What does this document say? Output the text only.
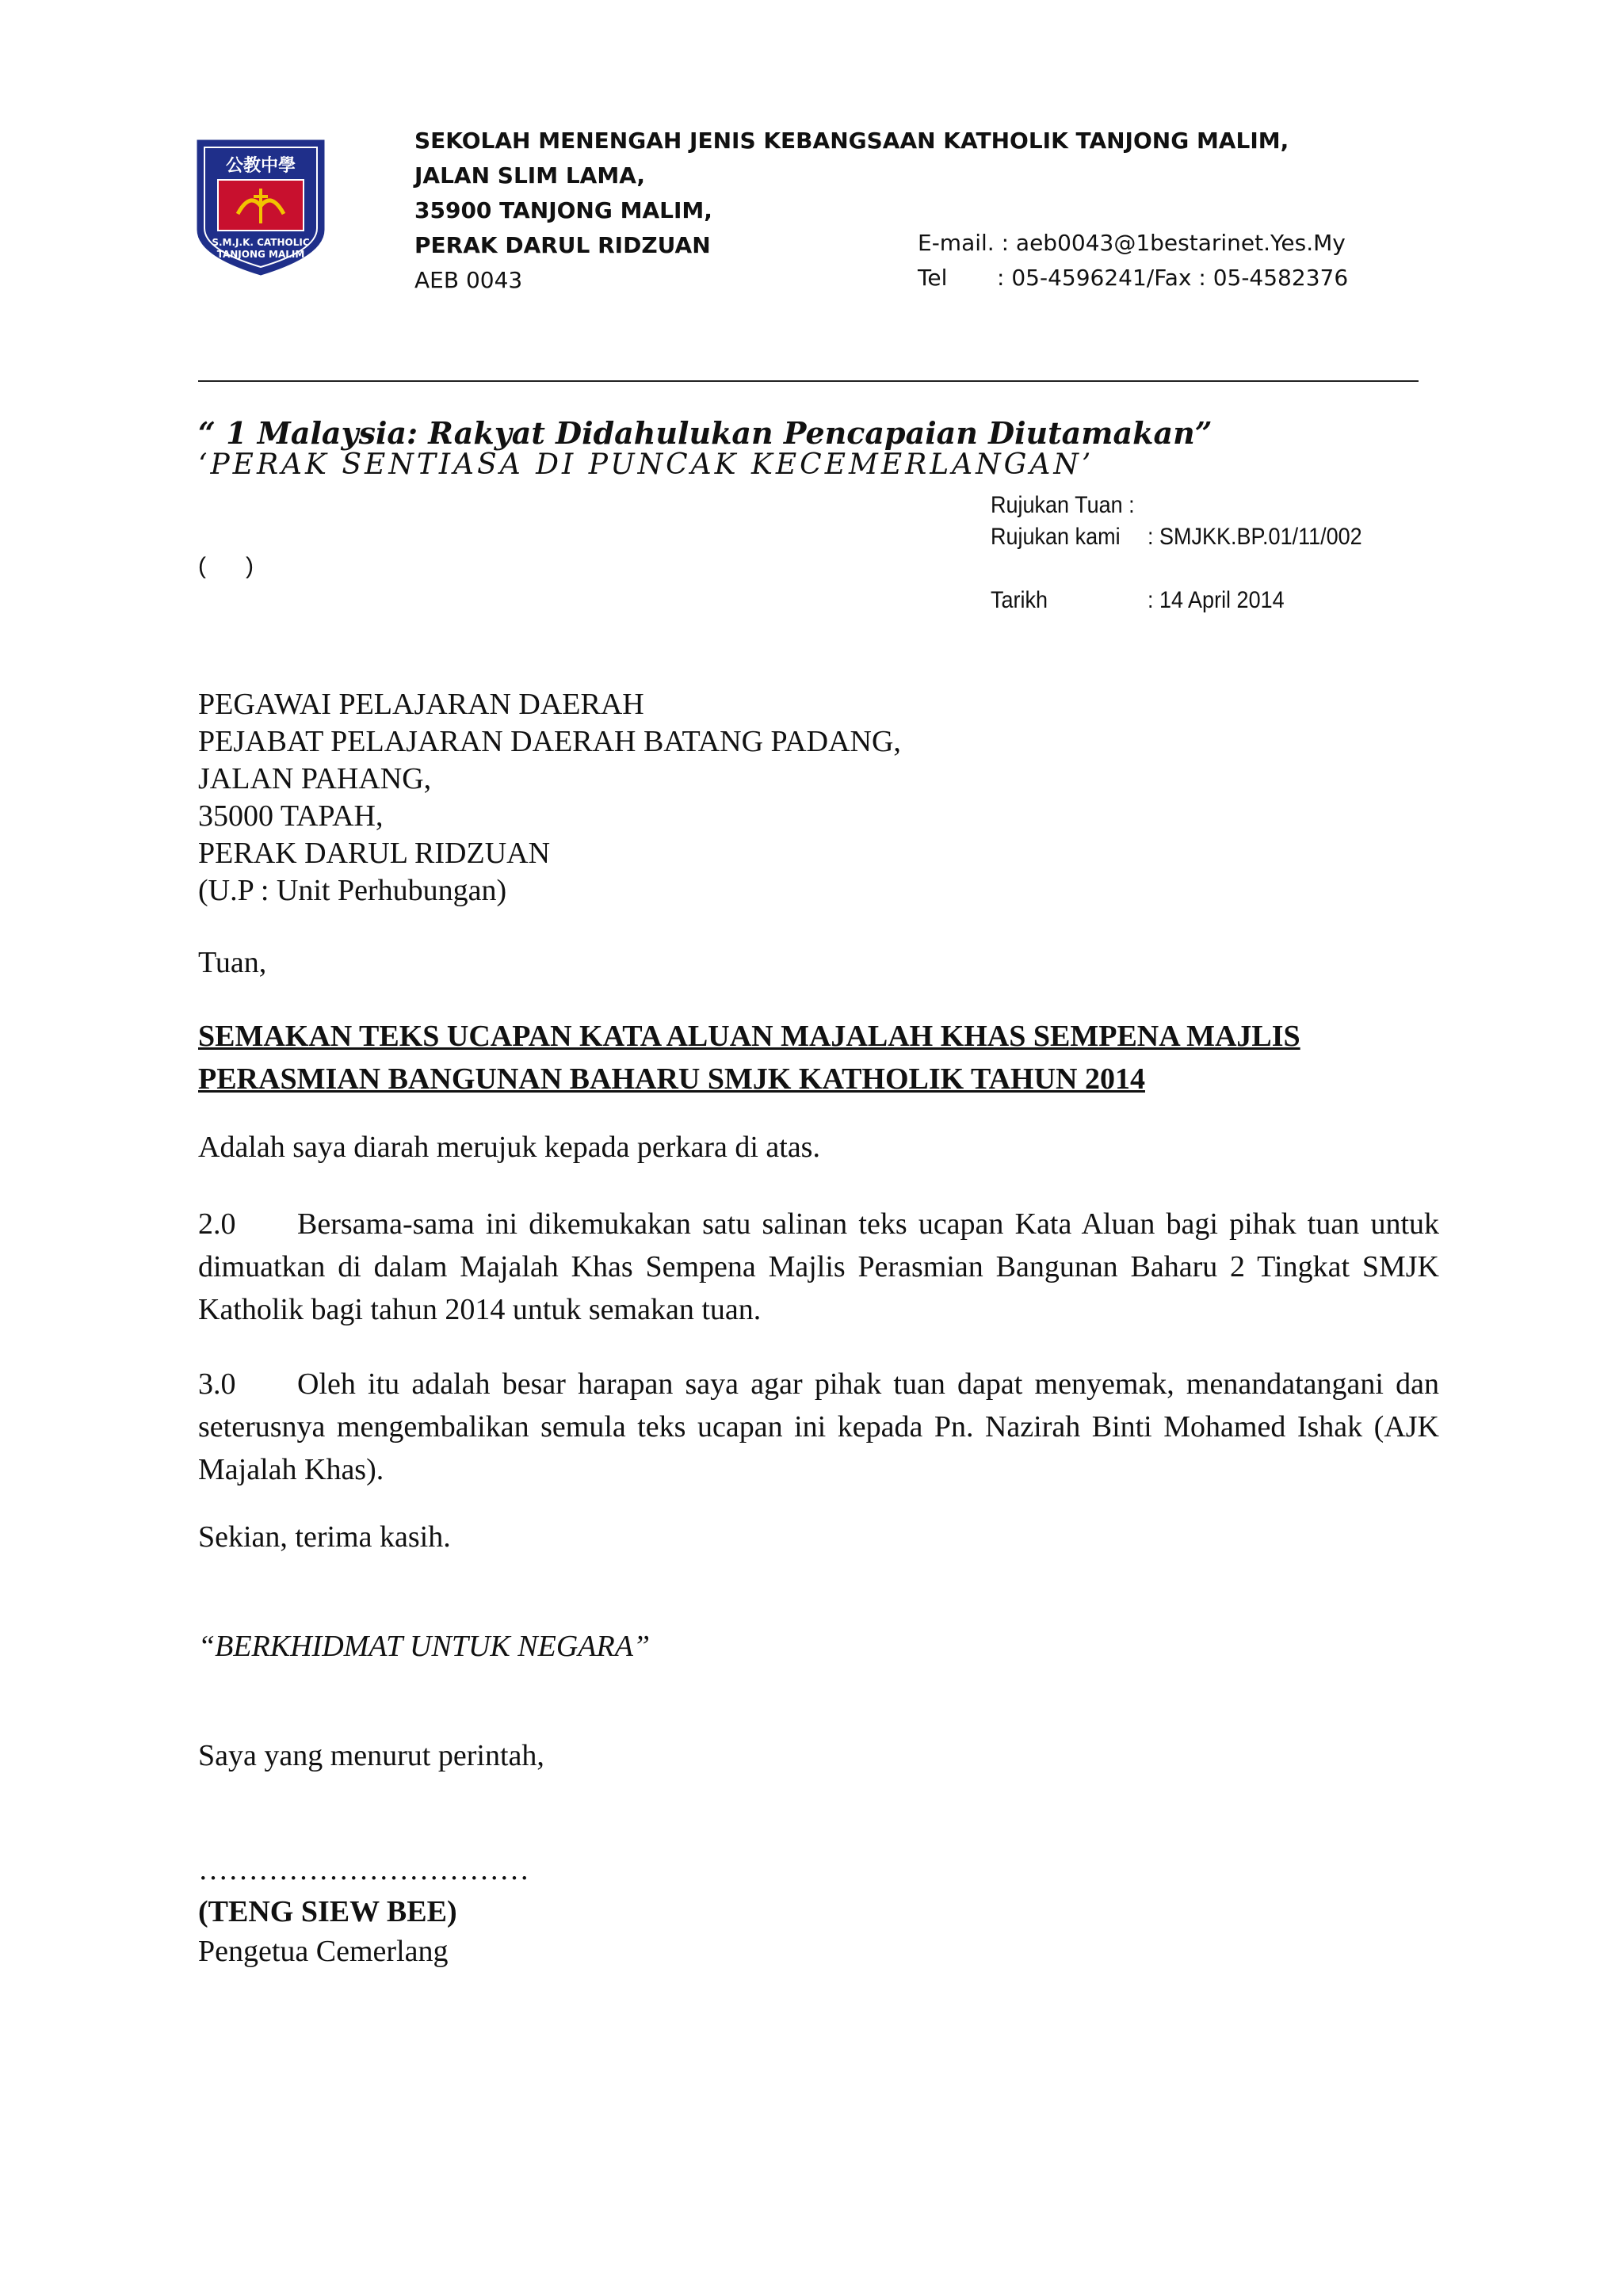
公教中學
S.M.J.K. CATHOLIC
TANJONG MALIM
SEKOLAH MENENGAH JENIS KEBANGSAAN KATHOLIK TANJONG MALIM,
JALAN SLIM LAMA,
35900 TANJONG MALIM,
PERAK DARUL RIDZUAN
AEB 0043
E-mail. : aeb0043@1bestarinet.Yes.My
Tel : 05-4596241/Fax : 05-4582376
“ 1 Malaysia: Rakyat Didahulukan Pencapaian Diutamakan”
‘PERAK SENTIASA DI PUNCAK KECEMERLANGAN’
Rujukan Tuan :
Rujukan kami : SMJKK.BP.01/11/002
Tarikh	: 14 April 2014
(      )
PEGAWAI PELAJARAN DAERAH
PEJABAT PELAJARAN DAERAH BATANG PADANG,
JALAN PAHANG,
35000 TAPAH,
PERAK DARUL RIDZUAN
(U.P : Unit Perhubungan)
Tuan,
SEMAKAN TEKS UCAPAN KATA ALUAN MAJALAH KHAS SEMPENA MAJLIS
PERASMIAN BANGUNAN BAHARU SMJK KATHOLIK TAHUN 2014
Adalah saya diarah merujuk kepada perkara di atas.
2.0 Bersama-sama ini dikemukakan satu salinan teks ucapan Kata Aluan bagi pihak tuan untuk dimuatkan di dalam Majalah Khas Sempena Majlis Perasmian Bangunan Baharu 2 Tingkat SMJK Katholik bagi tahun 2014 untuk semakan tuan.
3.0 Oleh itu adalah besar harapan saya agar pihak tuan dapat menyemak, menandatangani dan seterusnya mengembalikan semula teks ucapan ini kepada Pn. Nazirah Binti Mohamed Ishak (AJK Majalah Khas).
Sekian, terima kasih.
“BERKHIDMAT UNTUK NEGARA”
Saya yang menurut perintah,
……………………………
(TENG SIEW BEE)
Pengetua Cemerlang
